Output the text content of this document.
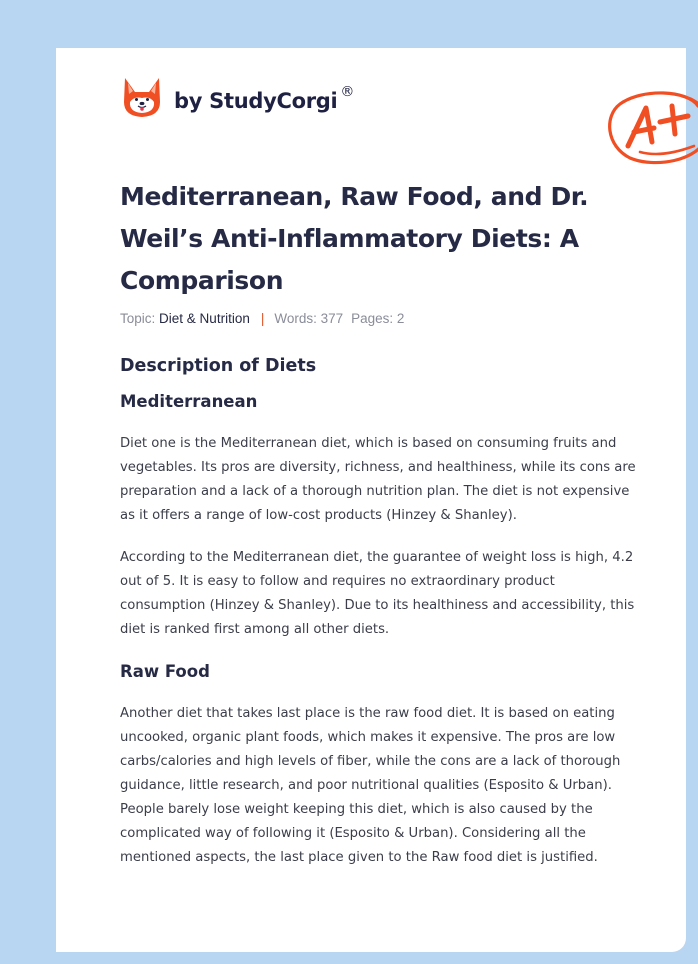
by StudyCorgi ®
Mediterranean, Raw Food, and Dr. Weil’s Anti-Inflammatory Diets: A Comparison
Topic: Diet & Nutrition | Words: 377 Pages: 2
Description of Diets
Mediterranean

Diet one is the Mediterranean diet, which is based on consuming fruits and vegetables. Its pros are diversity, richness, and healthiness, while its cons are preparation and a lack of a thorough nutrition plan. The diet is not expensive as it offers a range of low-cost products (Hinzey & Shanley).

According to the Mediterranean diet, the guarantee of weight loss is high, 4.2 out of 5. It is easy to follow and requires no extraordinary product consumption (Hinzey & Shanley). Due to its healthiness and accessibility, this diet is ranked first among all other diets.

Raw Food

Another diet that takes last place is the raw food diet. It is based on eating uncooked, organic plant foods, which makes it expensive. The pros are low carbs/calories and high levels of fiber, while the cons are a lack of thorough guidance, little research, and poor nutritional qualities (Esposito & Urban). People barely lose weight keeping this diet, which is also caused by the complicated way of following it (Esposito & Urban). Considering all the mentioned aspects, the last place given to the Raw food diet is justified.
